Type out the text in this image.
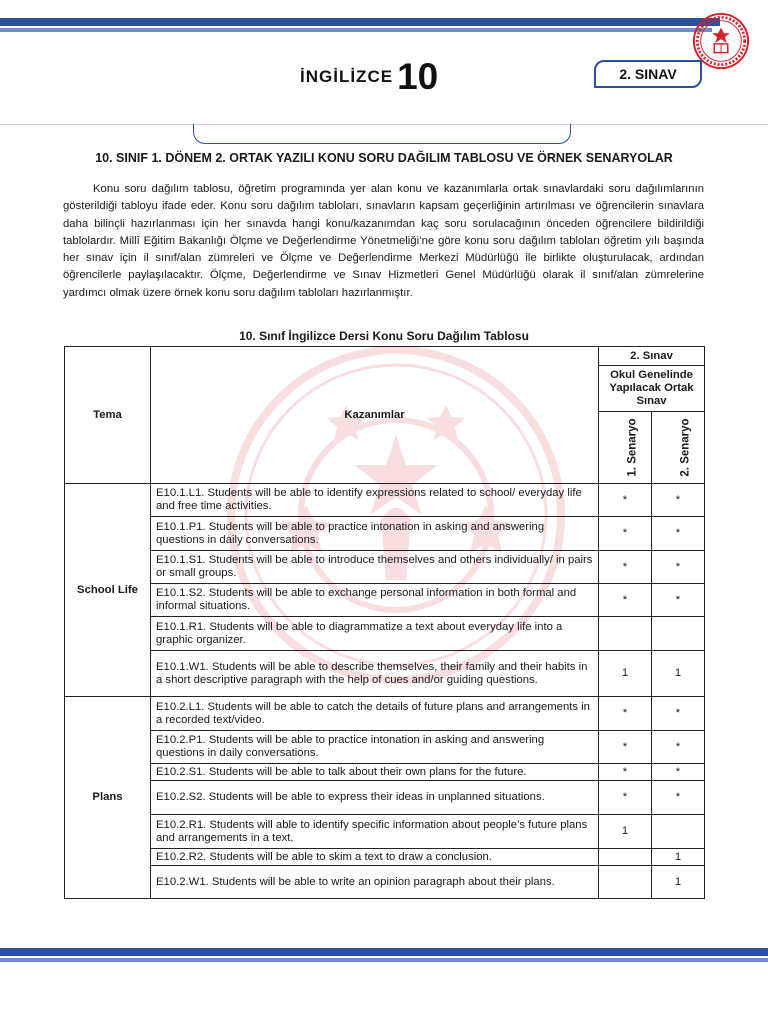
İNGİLİZCE 10	2. SINAV
10. SINIF 1. DÖNEM 2. ORTAK YAZILI KONU SORU DAĞILIM TABLOSU VE ÖRNEK SENARYOLAR

Konu soru dağılım tablosu, öğretim programında yer alan konu ve kazanımlarla ortak sınavlardaki soru dağılımlarının gösterildiği tabloyu ifade eder. Konu soru dağılım tabloları, sınavların kapsam geçerliğinin artırılması ve öğrencilerin sınavlara daha bilinçli hazırlanması için her sınavda hangi konu/kazanımdan kaç soru sorulacağının önceden öğrencilere bildirildiği tablolardır. Millî Eğitim Bakanlığı Ölçme ve Değerlendirme Yönetmeliği’ne göre konu soru dağılım tabloları öğretim yılı başında her sınav için il sınıf/alan zümreleri ve Ölçme ve Değerlendirme Merkezi Müdürlüğü ile birlikte oluşturulacak, ardından öğrencilerle paylaşılacaktır. Ölçme, Değerlendirme ve Sınav Hizmetleri Genel Müdürlüğü olarak il sınıf/alan zümrelerine yardımcı olmak üzere örnek konu soru dağılım tabloları hazırlanmıştır.

10. Sınıf İngilizce Dersi Konu Soru Dağılım Tablosu
Tema	Kazanımlar	2. Sınav	
		Okul Genelinde Yapılacak Ortak Sınav	
		1. Senaryo	2. Senaryo
School Life	E10.1.L1. Students will be able to identify expressions related to school/ everyday life and free time activities.	*	*
	E10.1.P1. Students will be able to practice intonation in asking and answering questions in daily conversations.	*	*
	E10.1.S1. Students will be able to introduce themselves and others individually/ in pairs or small groups.	*	*
	E10.1.S2. Students will be able to exchange personal information in both formal and informal situations.	*	*
	E10.1.R1. Students will be able to diagrammatize a text about everyday life into a graphic organizer.		
	E10.1.W1. Students will be able to describe themselves, their family and their habits in a short descriptive paragraph with the help of cues and/or guiding questions.	1	1
Plans	E10.2.L1. Students will be able to catch the details of future plans and arrangements in a recorded text/video.	*	*
	E10.2.P1. Students will be able to practice intonation in asking and answering questions in daily conversations.	*	*
	E10.2.S1. Students will be able to talk about their own plans for the future.	*	*
	E10.2.S2. Students will be able to express their ideas in unplanned situations.	*	*
	E10.2.R1. Students will able to identify specific information about people’s future plans and arrangements in a text.	1	
	E10.2.R2. Students will be able to skim a text to draw a conclusion.		1
	E10.2.W1. Students will be able to write an opinion paragraph about their plans.		1
